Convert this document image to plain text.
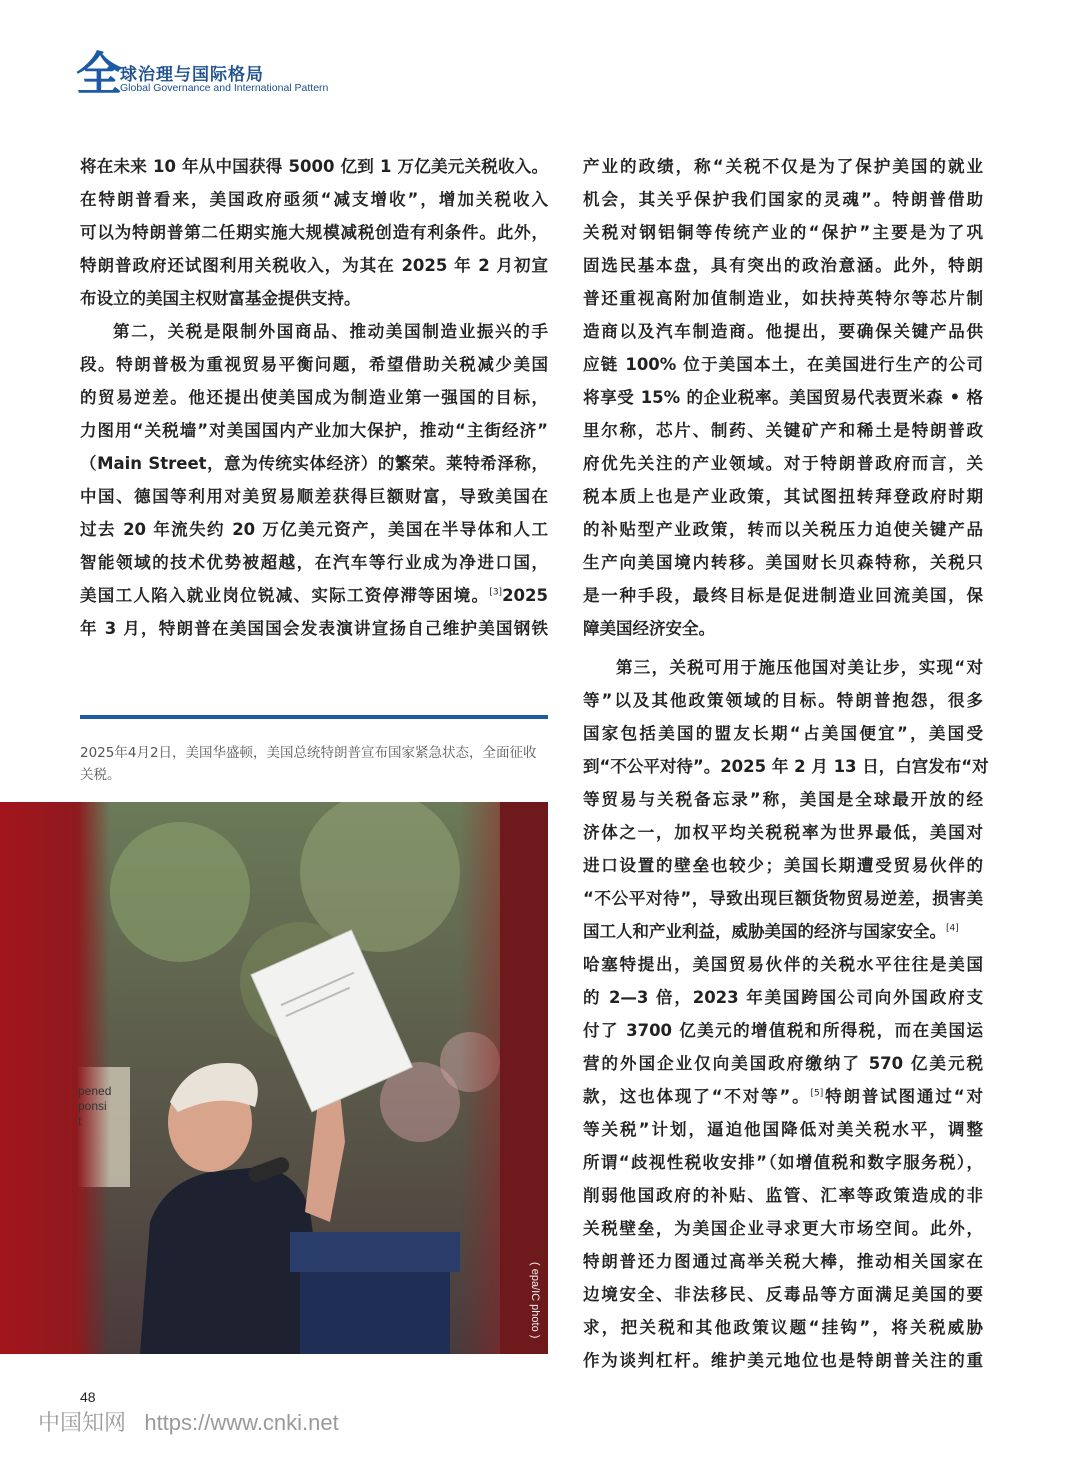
全
球治理与国际格局
Global Governance and International Pattern
将在未来 10 年从中国获得 5000 亿到 1 万亿美元关税收入。
在特朗普看来，美国政府亟须“减支增收”，增加关税收入
可以为特朗普第二任期实施大规模减税创造有利条件。此外，
特朗普政府还试图利用关税收入，为其在 2025 年 2 月初宣
布设立的美国主权财富基金提供支持。
第二，关税是限制外国商品、推动美国制造业振兴的手
段。特朗普极为重视贸易平衡问题，希望借助关税减少美国
的贸易逆差。他还提出使美国成为制造业第一强国的目标，
力图用“关税墙”对美国国内产业加大保护，推动“主街经济”
（Main Street，意为传统实体经济）的繁荣。莱特希泽称，
中国、德国等利用对美贸易顺差获得巨额财富，导致美国在
过去 20 年流失约 20 万亿美元资产，美国在半导体和人工
智能领域的技术优势被超越，在汽车等行业成为净进口国，
美国工人陷入就业岗位锐减、实际工资停滞等困境。[3]2025
年 3 月，特朗普在美国国会发表演讲宣扬自己维护美国钢铁
2025年4月2日，美国华盛顿，美国总统特朗普宣布国家紧急状态，全面征收关税。
pened
ponsi
t
( epa/IC photo )
产业的政绩，称“关税不仅是为了保护美国的就业
机会，其关乎保护我们国家的灵魂”。特朗普借助
关税对钢铝铜等传统产业的“保护”主要是为了巩
固选民基本盘，具有突出的政治意涵。此外，特朗
普还重视高附加值制造业，如扶持英特尔等芯片制
造商以及汽车制造商。他提出，要确保关键产品供
应链 100% 位于美国本土，在美国进行生产的公司
将享受 15% 的企业税率。美国贸易代表贾米森 • 格
里尔称，芯片、制药、关键矿产和稀土是特朗普政
府优先关注的产业领域。对于特朗普政府而言，关
税本质上也是产业政策，其试图扭转拜登政府时期
的补贴型产业政策，转而以关税压力迫使关键产品
生产向美国境内转移。美国财长贝森特称，关税只
是一种手段，最终目标是促进制造业回流美国，保
障美国经济安全。
第三，关税可用于施压他国对美让步，实现“对
等”以及其他政策领域的目标。特朗普抱怨，很多
国家包括美国的盟友长期“占美国便宜”，美国受
到“不公平对待”。2025 年 2 月 13 日，白宫发布“对
等贸易与关税备忘录”称，美国是全球最开放的经
济体之一，加权平均关税税率为世界最低，美国对
进口设置的壁垒也较少；美国长期遭受贸易伙伴的
“不公平对待”，导致出现巨额货物贸易逆差，损害美
国工人和产业利益，威胁美国的经济与国家安全。[4]
哈塞特提出，美国贸易伙伴的关税水平往往是美国
的 2—3 倍，2023 年美国跨国公司向外国政府支
付了 3700 亿美元的增值税和所得税，而在美国运
营的外国企业仅向美国政府缴纳了 570 亿美元税
款，这也体现了“不对等”。[5]特朗普试图通过“对
等关税”计划，逼迫他国降低对美关税水平，调整
所谓“歧视性税收安排”（如增值税和数字服务税），
削弱他国政府的补贴、监管、汇率等政策造成的非
关税壁垒，为美国企业寻求更大市场空间。此外，
特朗普还力图通过高举关税大棒，推动相关国家在
边境安全、非法移民、反毒品等方面满足美国的要
求，把关税和其他政策议题“挂钩”，将关税威胁
作为谈判杠杆。维护美元地位也是特朗普关注的重
48
中国知网   https://www.cnki.net
